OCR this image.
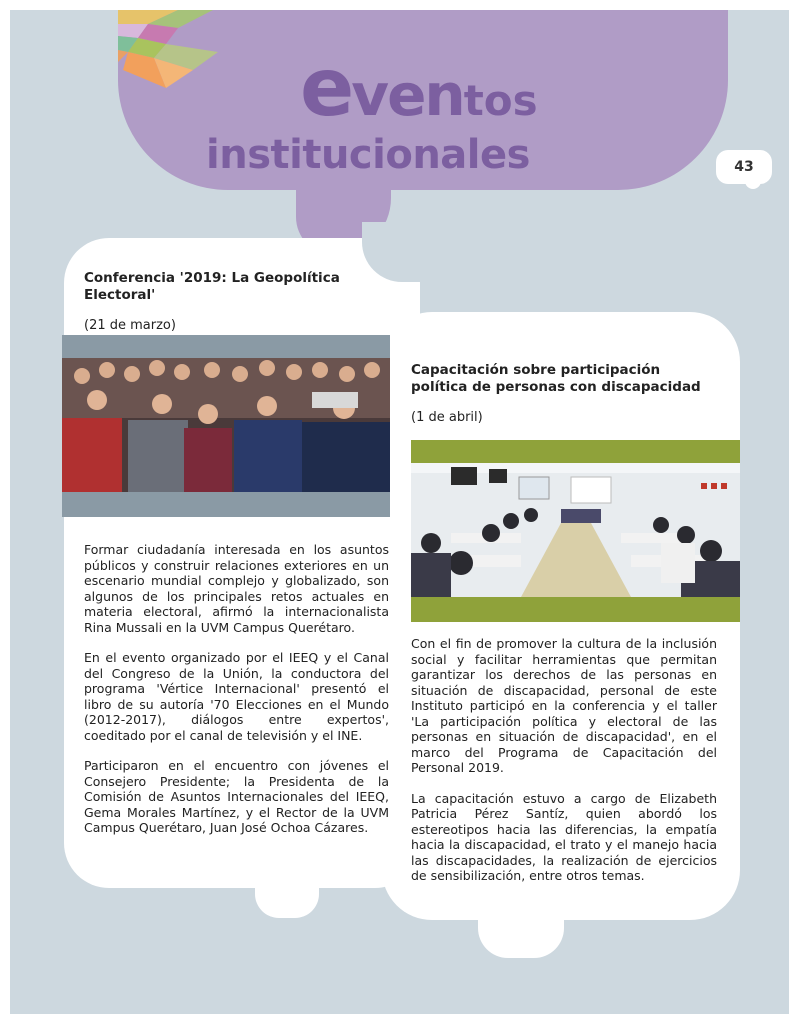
eventos
institucionales	43

Conferencia '2019: La Geopolítica Electoral'

(21 de marzo)

Formar ciudadanía interesada en los asuntos públicos y construir relaciones exteriores en un escenario mundial complejo y globalizado, son algunos de los principales retos actuales en materia electoral, afirmó la internacionalista Rina Mussali en la UVM Campus Querétaro.

En el evento organizado por el IEEQ y el Canal del Congreso de la Unión, la conductora del programa 'Vértice Internacional' presentó el libro de su autoría '70 Elecciones en el Mundo (2012-2017), diálogos entre expertos', coeditado por el canal de televisión y el INE.

Participaron en el encuentro con jóvenes el Consejero Presidente; la Presidenta de la Comisión de Asuntos Internacionales del IEEQ, Gema Morales Martínez, y el Rector de la UVM Campus Querétaro, Juan José Ochoa Cázares.

Capacitación sobre participación política de personas con discapacidad

(1 de abril)

Con el fin de promover la cultura de la inclusión social y facilitar herramientas que permitan garantizar los derechos de las personas en situación de discapacidad, personal de este Instituto participó en la conferencia y el taller 'La participación política y electoral de las personas en situación de discapacidad', en el marco del Programa de Capacitación del Personal 2019.

La capacitación estuvo a cargo de Elizabeth Patricia Pérez Santíz, quien abordó los estereotipos hacia las diferencias, la empatía hacia la discapacidad, el trato y el manejo hacia las discapacidades, la realización de ejercicios de sensibilización, entre otros temas.
